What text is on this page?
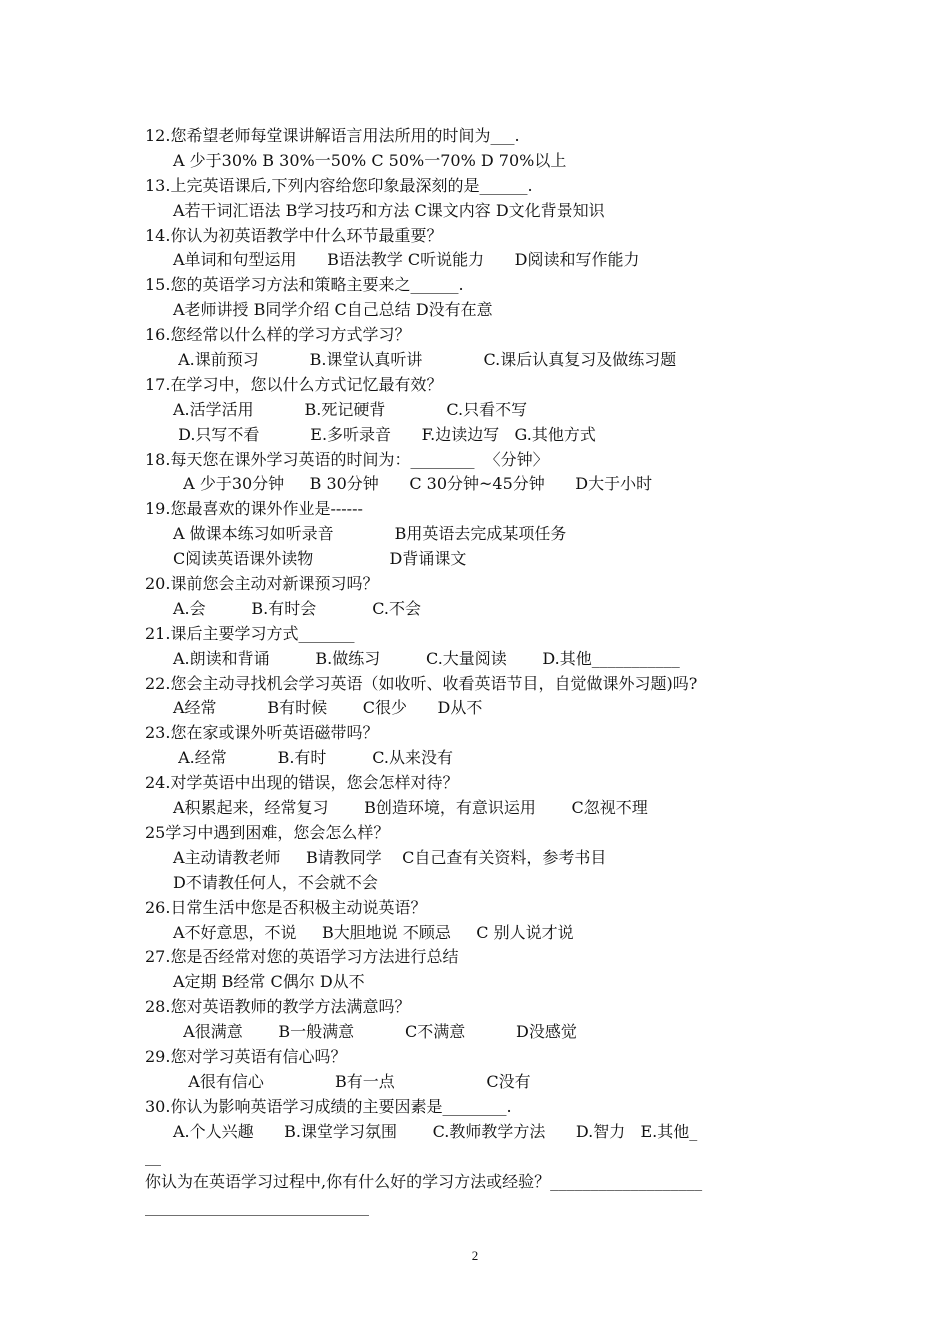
12.您希望老师每堂课讲解语言用法所用的时间为___.
A 少于30% B 30%一50% C 50%一70% D 70%以上
13.上完英语课后,下列内容给您印象最深刻的是______.
A若干词汇语法 B学习技巧和方法 C课文内容 D文化背景知识
14.你认为初英语教学中什么环节最重要？
A单词和句型运用      B语法教学 C听说能力      D阅读和写作能力
15.您的英语学习方法和策略主要来之______.
A老师讲授 B同学介绍 C自己总结 D没有在意
16.您经常以什么样的学习方式学习？
A.课前预习          B.课堂认真听讲            C.课后认真复习及做练习题
17.在学习中，您以什么方式记忆最有效？
A.活学活用          B.死记硬背            C.只看不写
D.只写不看          E.多听录音      F.边读边写   G.其他方式
18.每天您在课外学习英语的时间为：________  〈分钟〉
A 少于30分钟     B 30分钟      C 30分钟~45分钟      D大于小时
19.您最喜欢的课外作业是------
A 做课本练习如听录音            B用英语去完成某项任务
C阅读英语课外读物               D背诵课文
20.课前您会主动对新课预习吗？
A.会         B.有时会           C.不会
21.课后主要学习方式_______
A.朗读和背诵         B.做练习         C.大量阅读       D.其他___________
22.您会主动寻找机会学习英语（如收听、收看英语节目，自觉做课外习题)吗?
A经常          B有时候       C很少      D从不
23.您在家或课外听英语磁带吗？
A.经常          B.有时         C.从来没有
24.对学英语中出现的错误，您会怎样对待？
A积累起来，经常复习       B创造环境，有意识运用       C忽视不理
25学习中遇到困难，您会怎么样？
A主动请教老师     B请教同学    C自己查有关资料，参考书目
D不请教任何人，不会就不会
26.日常生活中您是否积极主动说英语？
A不好意思，不说     B大胆地说 不顾忌     C 别人说才说
27.您是否经常对您的英语学习方法进行总结
A定期 B经常 C偶尔 D从不
28.您对英语教师的教学方法满意吗？
A很满意       B一般满意          C不满意          D没感觉
29.您对学习英语有信心吗？
A很有信心              B有一点                  C没有
30.你认为影响英语学习成绩的主要因素是________.
A.个人兴趣      B.课堂学习氛围       C.教师教学方法      D.智力   E.其他_
__
你认为在英语学习过程中,你有什么好的学习方法或经验？___________________
____________________________
2
